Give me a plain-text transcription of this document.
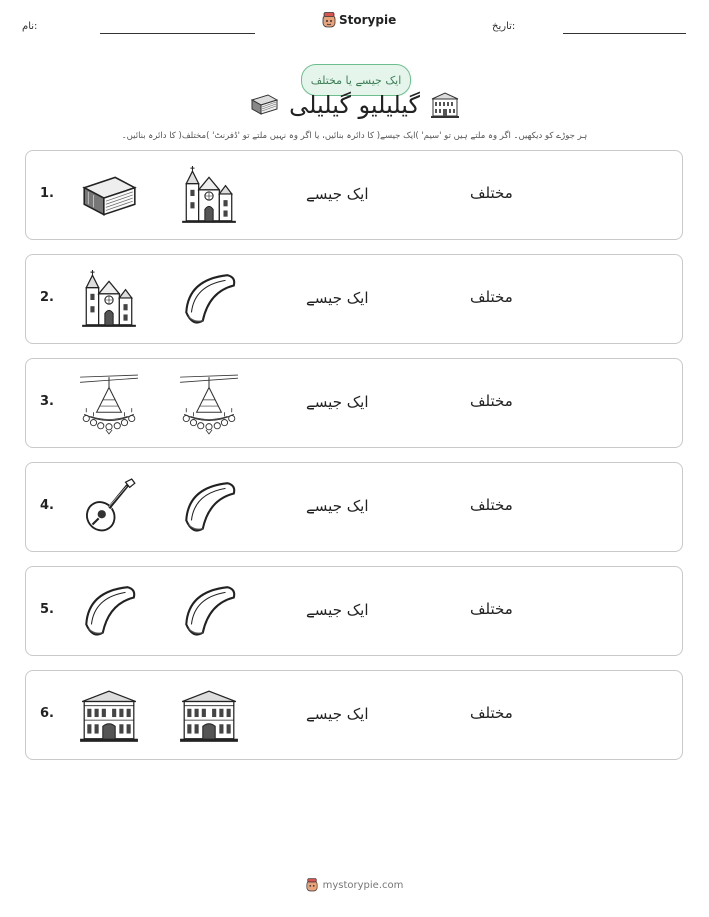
نام:	Storypie	تاریخ:
ایک جیسے یا مختلف
گیلیلیو گیلیلی
ہر جوڑے کو دیکھیں۔ اگر وہ ملتے ہیں تو 'سیم' )ایک جیسے( کا دائرہ بنائیں، یا اگر وہ نہیں ملتے تو 'ڈفرنٹ' )مختلف( کا دائرہ بنائیں۔
1.	ایک جیسے	مختلف
2.	ایک جیسے	مختلف
3.	ایک جیسے	مختلف
4.	ایک جیسے	مختلف
5.	ایک جیسے	مختلف
6.	ایک جیسے	مختلف
mystorypie.com
